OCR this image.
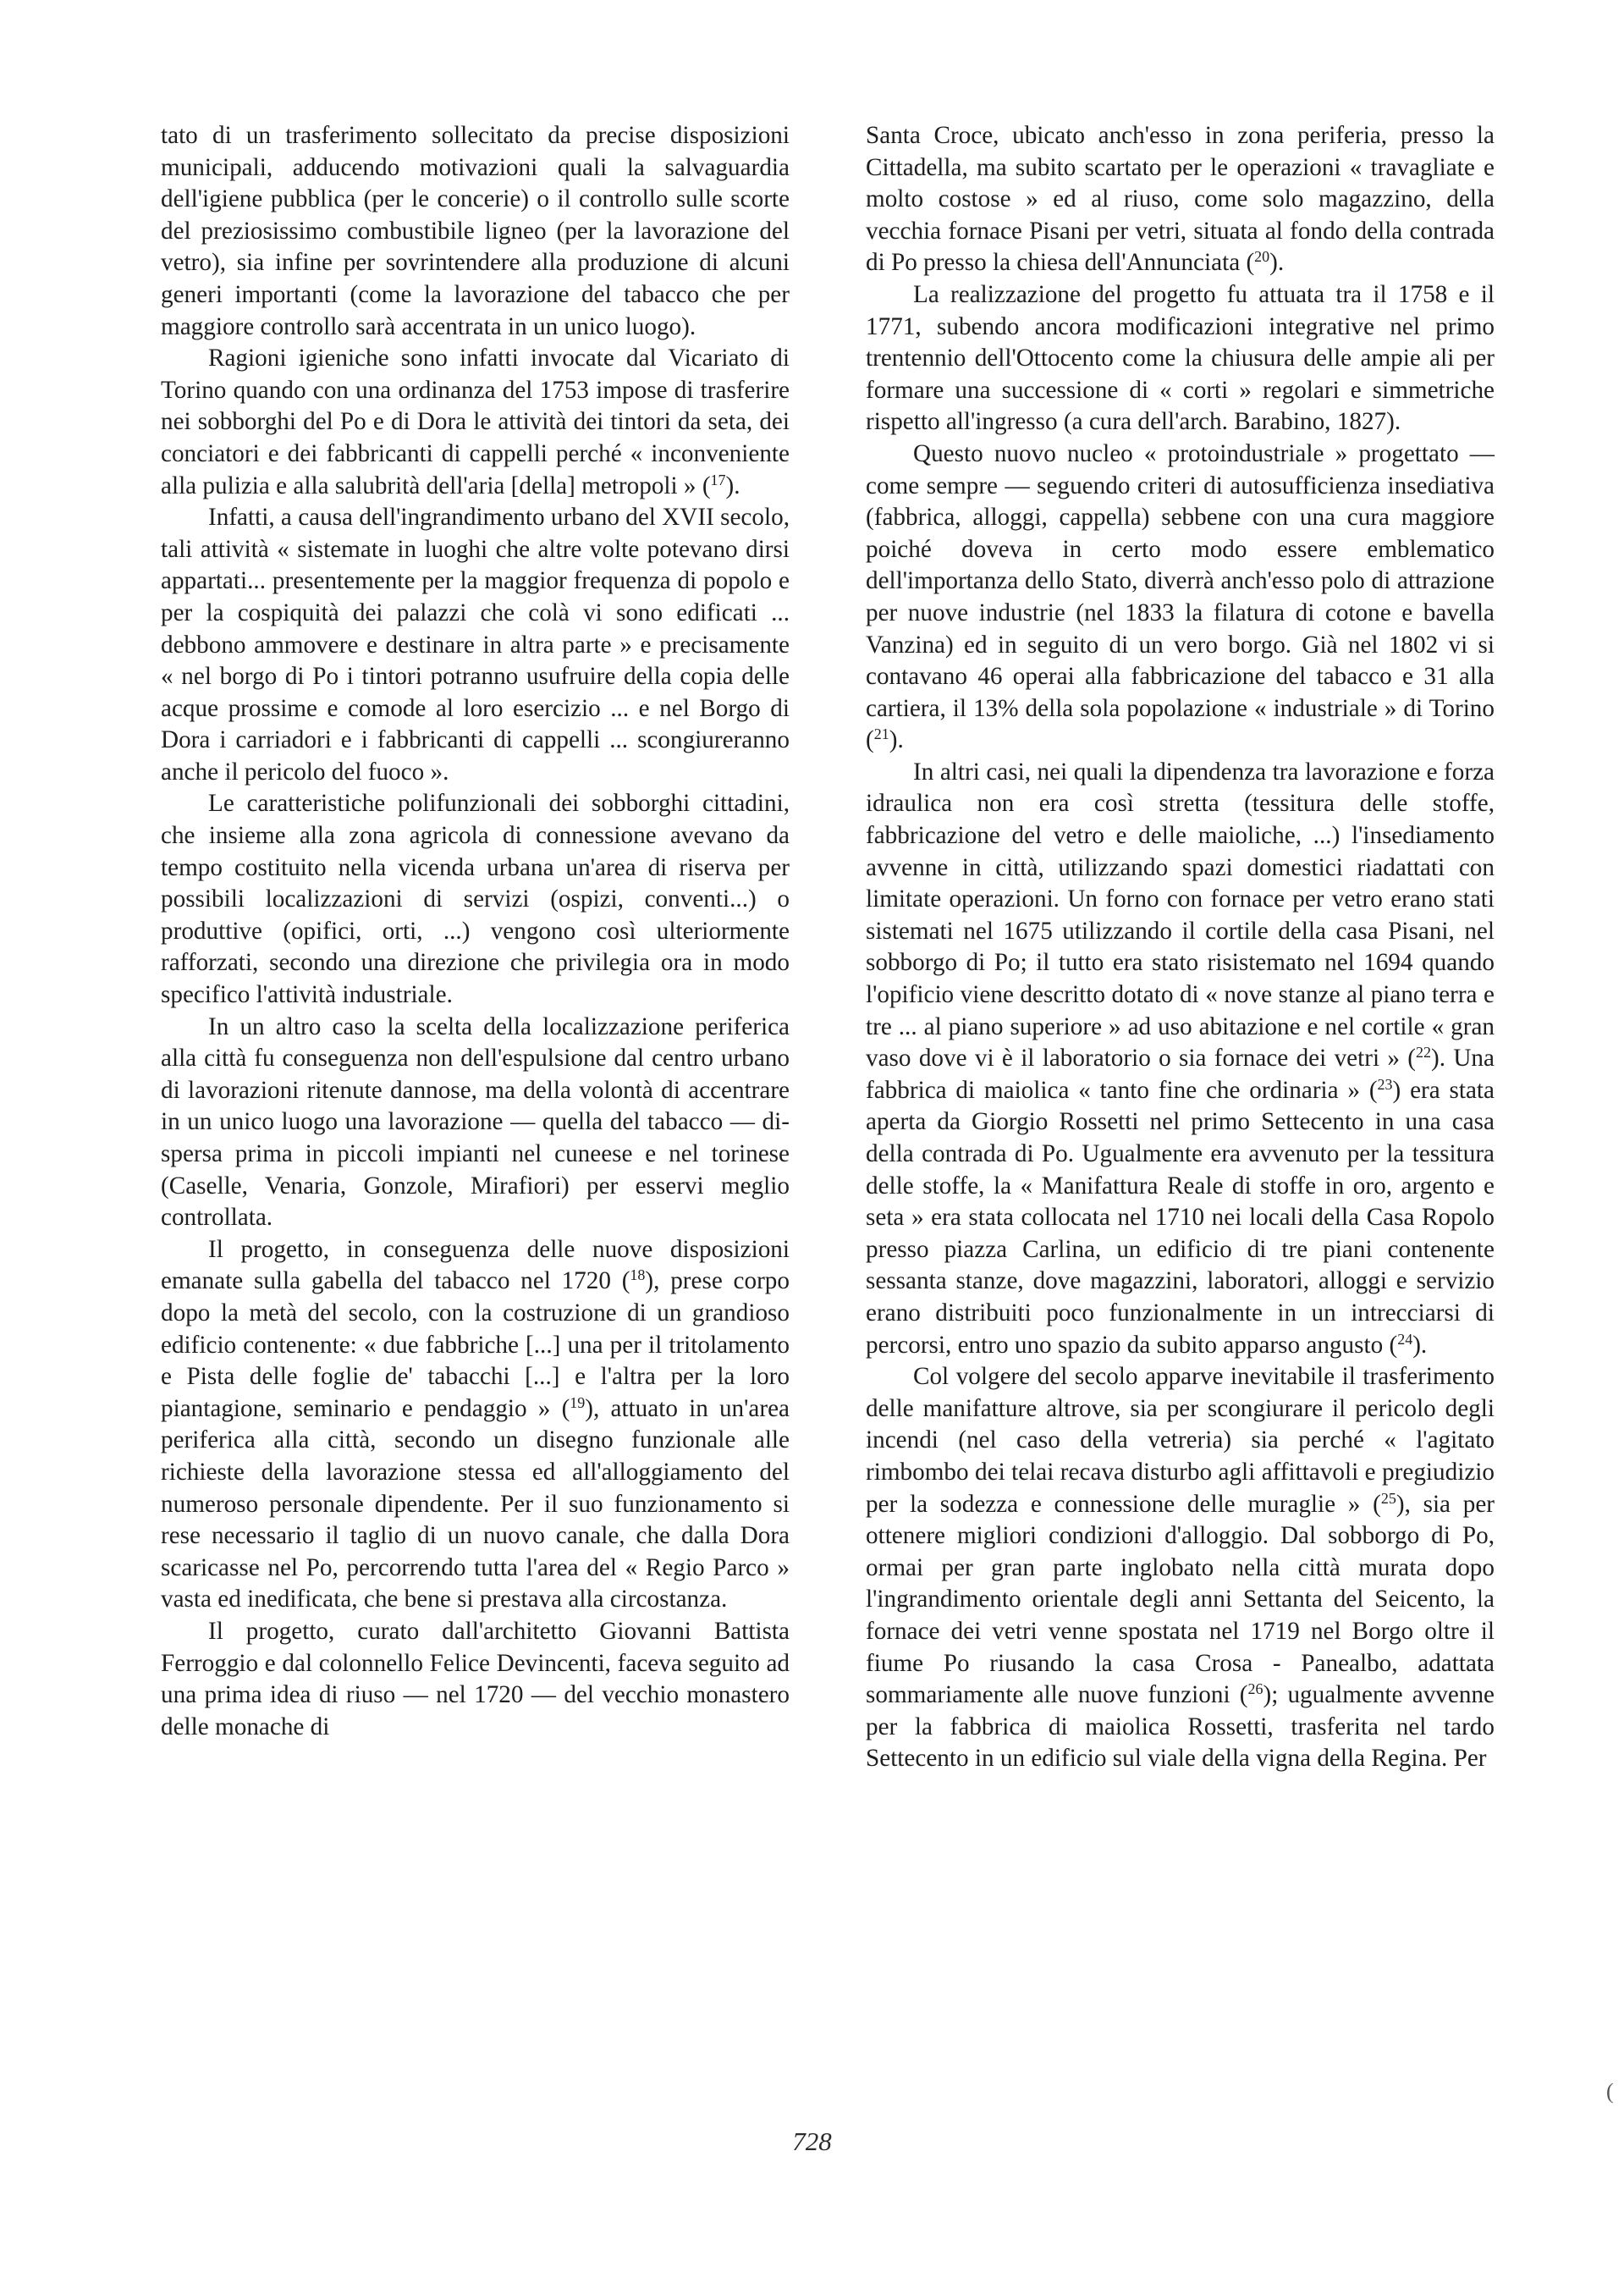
tato di un trasferimento sollecitato da precise disposizioni municipali, adducendo motivazioni quali la salvaguardia dell'igiene pubblica (per le concerie) o il controllo sulle scorte del preziosissimo combustibile ligneo (per la lavorazione del vetro), sia infine per sovrintendere alla produzione di alcuni generi importanti (come la lavorazione del tabacco che per maggiore controllo sarà accentrata in un unico luogo).

Ragioni igieniche sono infatti invocate dal Vicariato di Torino quando con una ordinanza del 1753 impose di trasferire nei sobborghi del Po e di Dora le attività dei tintori da seta, dei conciatori e dei fabbricanti di cappelli perché « inconveniente alla pulizia e alla salubrità dell'aria [della] metropoli » ($^{17}$).

Infatti, a causa dell'ingrandimento urbano del XVII secolo, tali attività « sistemate in luoghi che altre volte potevano dirsi appartati... presentemente per la maggior frequenza di popolo e per la cospiquità dei palazzi che colà vi sono edificati ... debbono ammovere e destinare in altra parte » e precisamente « nel borgo di Po i tintori potranno usufruire della copia delle acque prossime e comode al loro esercizio ... e nel Borgo di Dora i carriadori e i fabbricanti di cappelli ... scongiureranno anche il pericolo del fuoco ».

Le caratteristiche polifunzionali dei sobborghi cittadini, che insieme alla zona agricola di connessione avevano da tempo costituito nella vicenda urbana un'area di riserva per possibili localizzazioni di servizi (ospizi, conventi...) o produttive (opifici, orti, ...) vengono così ulteriormente rafforzati, secondo una direzione che privilegia ora in modo specifico l'attività industriale.

In un altro caso la scelta della localizzazione periferica alla città fu conseguenza non dell'espulsione dal centro urbano di lavorazioni ritenute dannose, ma della volontà di accentrare in un unico luogo una lavorazione — quella del tabacco — dispersa prima in piccoli impianti nel cuneese e nel torinese (Caselle, Venaria, Gonzole, Mirafiori) per esservi meglio controllata.

Il progetto, in conseguenza delle nuove disposizioni emanate sulla gabella del tabacco nel 1720 ($^{18}$), prese corpo dopo la metà del secolo, con la costruzione di un grandioso edificio contenente: « due fabbriche [...] una per il tritolamento e Pista delle foglie de' tabacchi [...] e l'altra per la loro piantagione, seminario e pendaggio » ($^{19}$), attuato in un'area periferica alla città, secondo un disegno funzionale alle richieste della lavorazione stessa ed all'alloggiamento del numeroso personale dipendente. Per il suo funzionamento si rese necessario il taglio di un nuovo canale, che dalla Dora scaricasse nel Po, percorrendo tutta l'area del « Regio Parco » vasta ed inedificata, che bene si prestava alla circostanza.

Il progetto, curato dall'architetto Giovanni Battista Ferroggio e dal colonnello Felice Devincenti, faceva seguito ad una prima idea di riuso — nel 1720 — del vecchio monastero delle monache di

Santa Croce, ubicato anch'esso in zona periferia, presso la Cittadella, ma subito scartato per le operazioni « travagliate e molto costose » ed al riuso, come solo magazzino, della vecchia fornace Pisani per vetri, situata al fondo della contrada di Po presso la chiesa dell'Annunciata ($^{20}$).

La realizzazione del progetto fu attuata tra il 1758 e il 1771, subendo ancora modificazioni integrative nel primo trentennio dell'Ottocento come la chiusura delle ampie ali per formare una successione di « corti » regolari e simmetriche rispetto all'ingresso (a cura dell'arch. Barabino, 1827).

Questo nuovo nucleo « protoindustriale » progettato — come sempre — seguendo criteri di autosufficienza insediativa (fabbrica, alloggi, cappella) sebbene con una cura maggiore poiché doveva in certo modo essere emblematico dell'importanza dello Stato, diverrà anch'esso polo di attrazione per nuove industrie (nel 1833 la filatura di cotone e bavella Vanzina) ed in seguito di un vero borgo. Già nel 1802 vi si contavano 46 operai alla fabbricazione del tabacco e 31 alla cartiera, il 13% della sola popolazione « industriale » di Torino ($^{21}$).

In altri casi, nei quali la dipendenza tra lavorazione e forza idraulica non era così stretta (tessitura delle stoffe, fabbricazione del vetro e delle maioliche, ...) l'insediamento avvenne in città, utilizzando spazi domestici riadattati con limitate operazioni. Un forno con fornace per vetro erano stati sistemati nel 1675 utilizzando il cortile della casa Pisani, nel sobborgo di Po; il tutto era stato risistemato nel 1694 quando l'opificio viene descritto dotato di « nove stanze al piano terra e tre ... al piano superiore » ad uso abitazione e nel cortile « gran vaso dove vi è il laboratorio o sia fornace dei vetri » ($^{22}$). Una fabbrica di maiolica « tanto fine che ordinaria » ($^{23}$) era stata aperta da Giorgio Rossetti nel primo Settecento in una casa della contrada di Po. Ugualmente era avvenuto per la tessitura delle stoffe, la « Manifattura Reale di stoffe in oro, argento e seta » era stata collocata nel 1710 nei locali della Casa Ropolo presso piazza Carlina, un edificio di tre piani contenente sessanta stanze, dove magazzini, laboratori, alloggi e servizio erano distribuiti poco funzionalmente in un intrecciarsi di percorsi, entro uno spazio da subito apparso angusto ($^{24}$).

Col volgere del secolo apparve inevitabile il trasferimento delle manifatture altrove, sia per scongiurare il pericolo degli incendi (nel caso della vetreria) sia perché « l'agitato rimbombo dei telai recava disturbo agli affittavoli e pregiudizio per la sodezza e connessione delle muraglie » ($^{25}$), sia per ottenere migliori condizioni d'alloggio. Dal sobborgo di Po, ormai per gran parte inglobato nella città murata dopo l'ingrandimento orientale degli anni Settanta del Seicento, la fornace dei vetri venne spostata nel 1719 nel Borgo oltre il fiume Po riusando la casa Crosa - Panealbo, adattata sommariamente alle nuove funzioni ($^{26}$); ugualmente avvenne per la fabbrica di maiolica Rossetti, trasferita nel tardo Settecento in un edificio sul viale della vigna della Regina. Per

728
(
